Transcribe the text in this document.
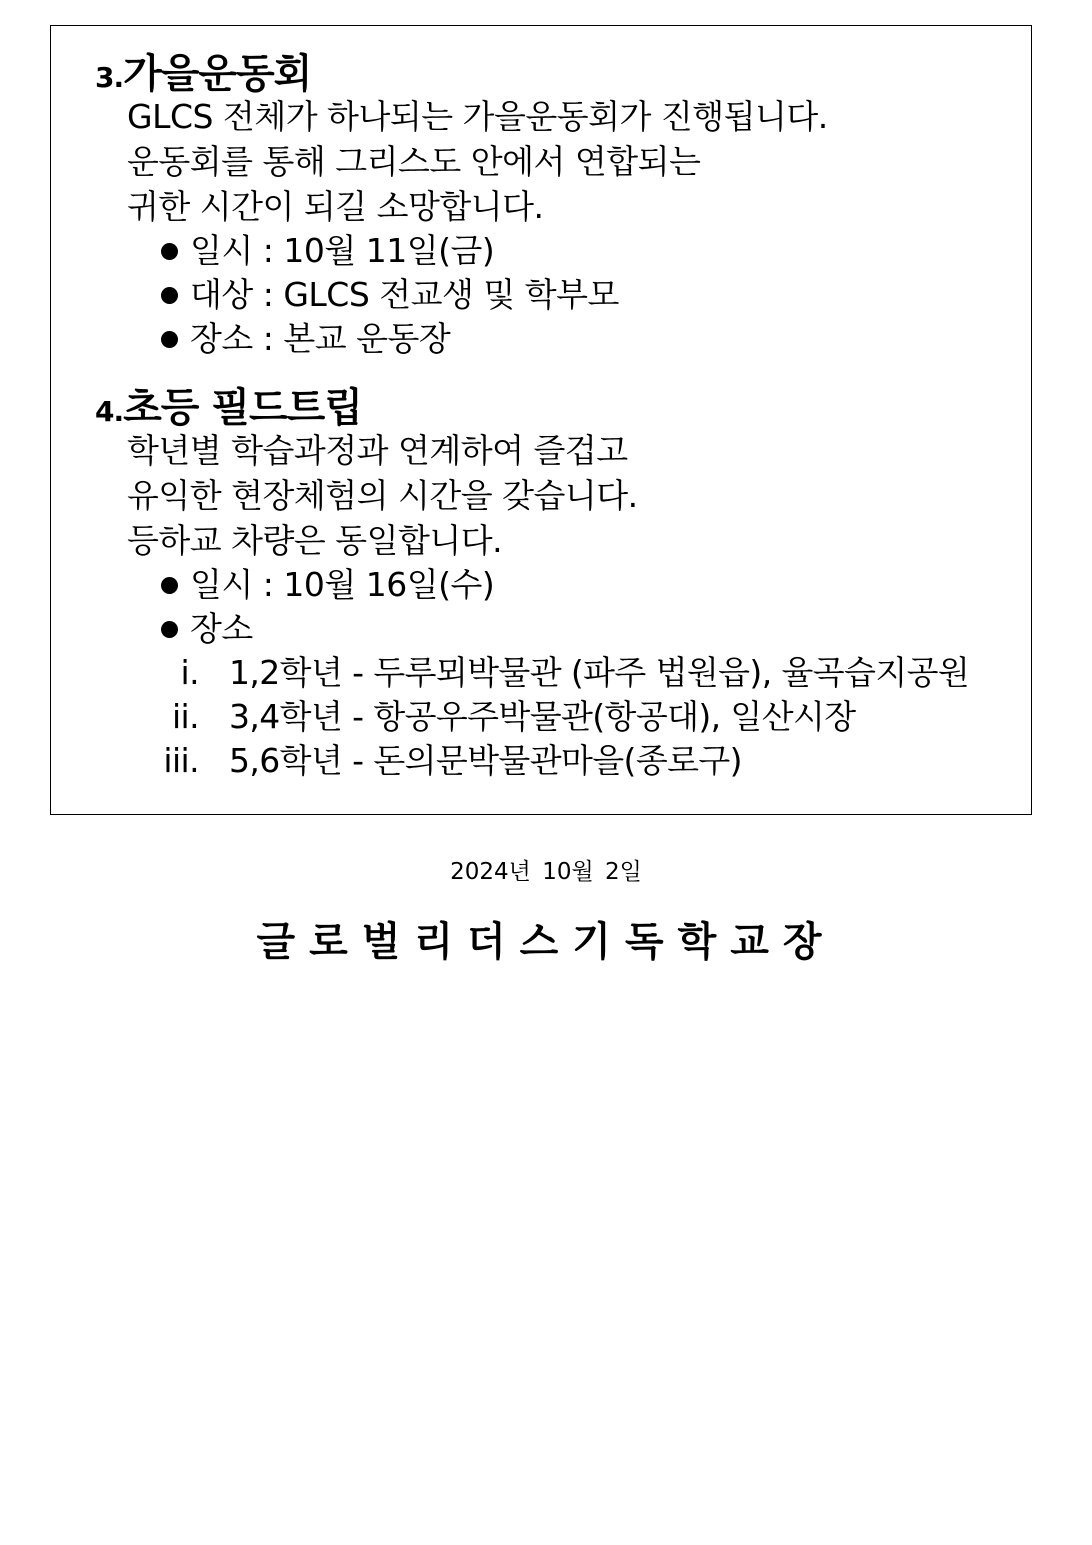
3. 가을운동회
GLCS 전체가 하나되는 가을운동회가 진행됩니다.
운동회를 통해 그리스도 안에서 연합되는
귀한 시간이 되길 소망합니다.
일시 : 10월 11일(금)
대상 : GLCS 전교생 및 학부모
장소 : 본교 운동장
4. 초등 필드트립
학년별 학습과정과 연계하여 즐겁고
유익한 현장체험의 시간을 갖습니다.
등하교 차량은 동일합니다.
일시 : 10월 16일(수)
장소
i. 1,2학년 - 두루뫼박물관 (파주 법원읍), 율곡습지공원
ii. 3,4학년 - 항공우주박물관(항공대), 일산시장
iii. 5,6학년 - 돈의문박물관마을(종로구)
2024년 10월 2일
글로벌리더스기독학교장
